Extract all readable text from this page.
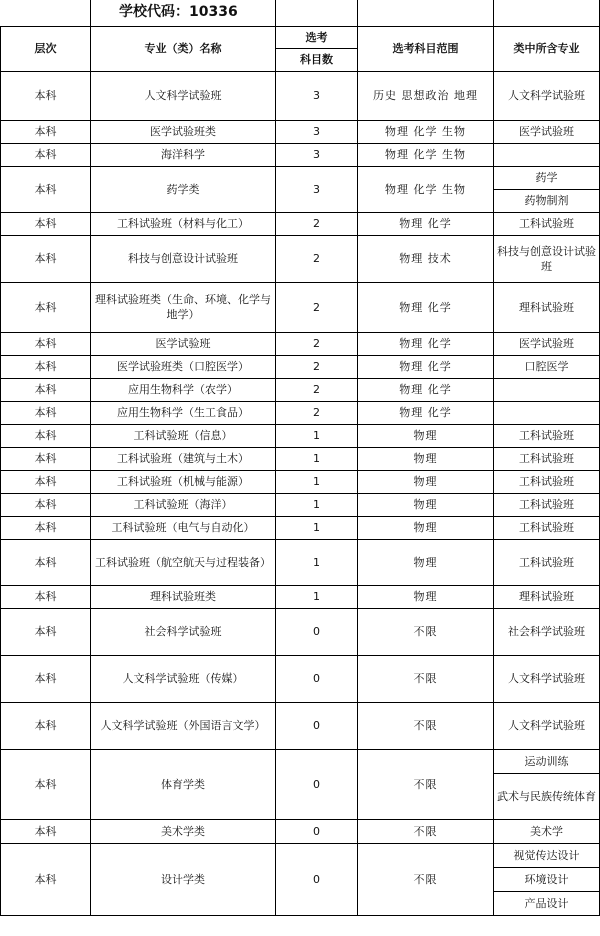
	学校代码：10336			
层次	专业（类）名称	选考	选考科目范围	类中所含专业
		科目数		
本科	人文科学试验班	3	历史 思想政治 地理	人文科学试验班
本科	医学试验班类	3	物理 化学 生物	医学试验班
本科	海洋科学	3	物理 化学 生物	
本科	药学类	3	物理 化学 生物	药学
				药物制剂
本科	工科试验班（材料与化工）	2	物理 化学	工科试验班
本科	科技与创意设计试验班	2	物理 技术	科技与创意设计试验班
本科	理科试验班类（生命、环境、化学与地学）	2	物理 化学	理科试验班
本科	医学试验班	2	物理 化学	医学试验班
本科	医学试验班类（口腔医学）	2	物理 化学	口腔医学
本科	应用生物科学（农学）	2	物理 化学	
本科	应用生物科学（生工食品）	2	物理 化学	
本科	工科试验班（信息）	1	物理	工科试验班
本科	工科试验班（建筑与土木）	1	物理	工科试验班
本科	工科试验班（机械与能源）	1	物理	工科试验班
本科	工科试验班（海洋）	1	物理	工科试验班
本科	工科试验班（电气与自动化）	1	物理	工科试验班
本科	工科试验班（航空航天与过程装备）	1	物理	工科试验班
本科	理科试验班类	1	物理	理科试验班
本科	社会科学试验班	0	不限	社会科学试验班
本科	人文科学试验班（传媒）	0	不限	人文科学试验班
本科	人文科学试验班（外国语言文学）	0	不限	人文科学试验班
本科	体育学类	0	不限	运动训练
				武术与民族传统体育
本科	美术学类	0	不限	美术学
本科	设计学类	0	不限	视觉传达设计
				环境设计
				产品设计
